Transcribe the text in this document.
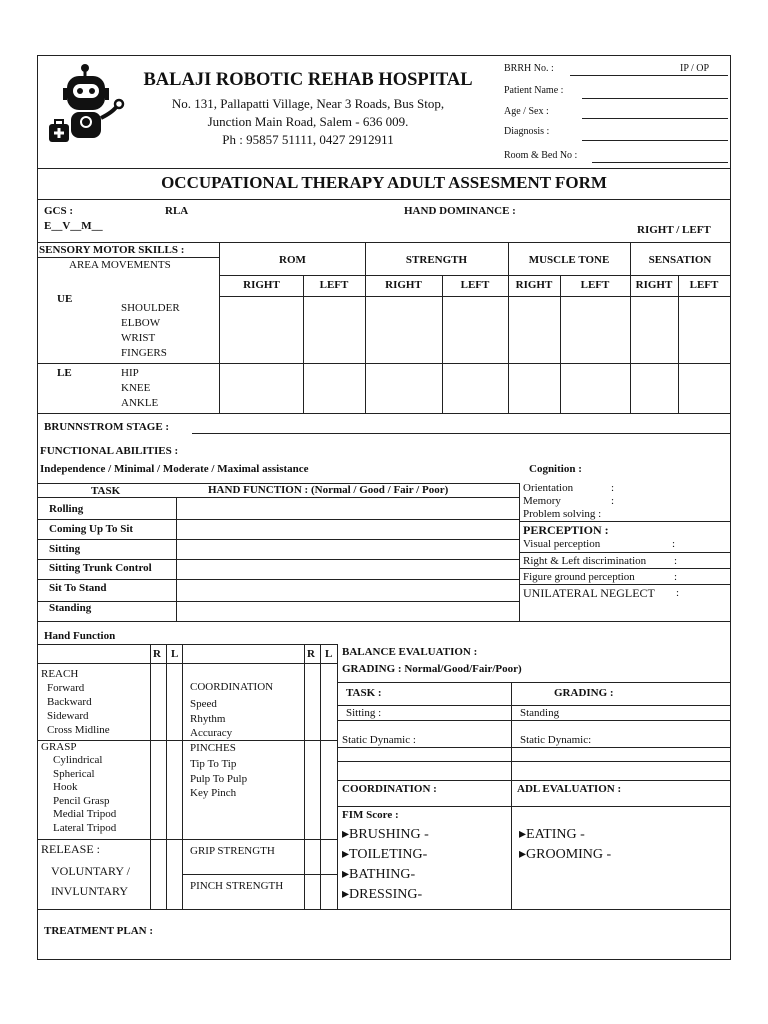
BALAJI ROBOTIC REHAB HOSPITAL
No. 131, Pallapatti Village, Near 3 Roads, Bus Stop,
Junction Main Road, Salem - 636 009.
Ph : 95857 51111, 0427 2912911
BRRH No. :	IP / OP
Patient Name :
Age / Sex :
Diagnosis :
Room & Bed No :
OCCUPATIONAL THERAPY ADULT ASSESMENT FORM
GCS :
E__V__M__
RLA	HAND DOMINANCE :
RIGHT / LEFT
SENSORY MOTOR SKILLS :
AREA MOVEMENTS	ROM	STRENGTH	MUSCLE TONE	SENSATION
RIGHT	LEFT	RIGHT	LEFT	RIGHT	LEFT	RIGHT	LEFT
UE
SHOULDER
ELBOW
WRIST
FINGERS
LE	HIP
KNEE
ANKLE
BRUNNSTROM STAGE :
FUNCTIONAL ABILITIES :
Independence / Minimal / Moderate / Maximal assistance	Cognition :
TASK	HAND FUNCTION : (Normal / Good / Fair / Poor)
Rolling
Coming Up To Sit
Sitting
Sitting Trunk Control
Sit To Stand
Standing
Orientation	:
Memory	:
Problem solving :
PERCEPTION :
Visual perception	:
Right & Left discrimination	:
Figure ground perception	:
UNILATERAL NEGLECT :
Hand Function
R L	R L
REACH
Forward
Backward
Sideward
Cross Midline
GRASP
Cylindrical
Spherical
Hook
Pencil Grasp
Medial Tripod
Lateral Tripod
RELEASE :
VOLUNTARY /
INVLUNTARY
COORDINATION
Speed
Rhythm
Accuracy
PINCHES
Tip To Tip
Pulp To Pulp
Key Pinch
GRIP STRENGTH
PINCH STRENGTH
BALANCE EVALUATION :
GRADING : Normal/Good/Fair/Poor)
TASK :	GRADING :
Sitting :	Standing
Static Dynamic :	Static Dynamic:
COORDINATION :	ADL EVALUATION :
FIM Score :
▸BRUSHING -
▸TOILETING-
▸BATHING-
▸DRESSING-
▸EATING -
▸GROOMING -
TREATMENT PLAN :
